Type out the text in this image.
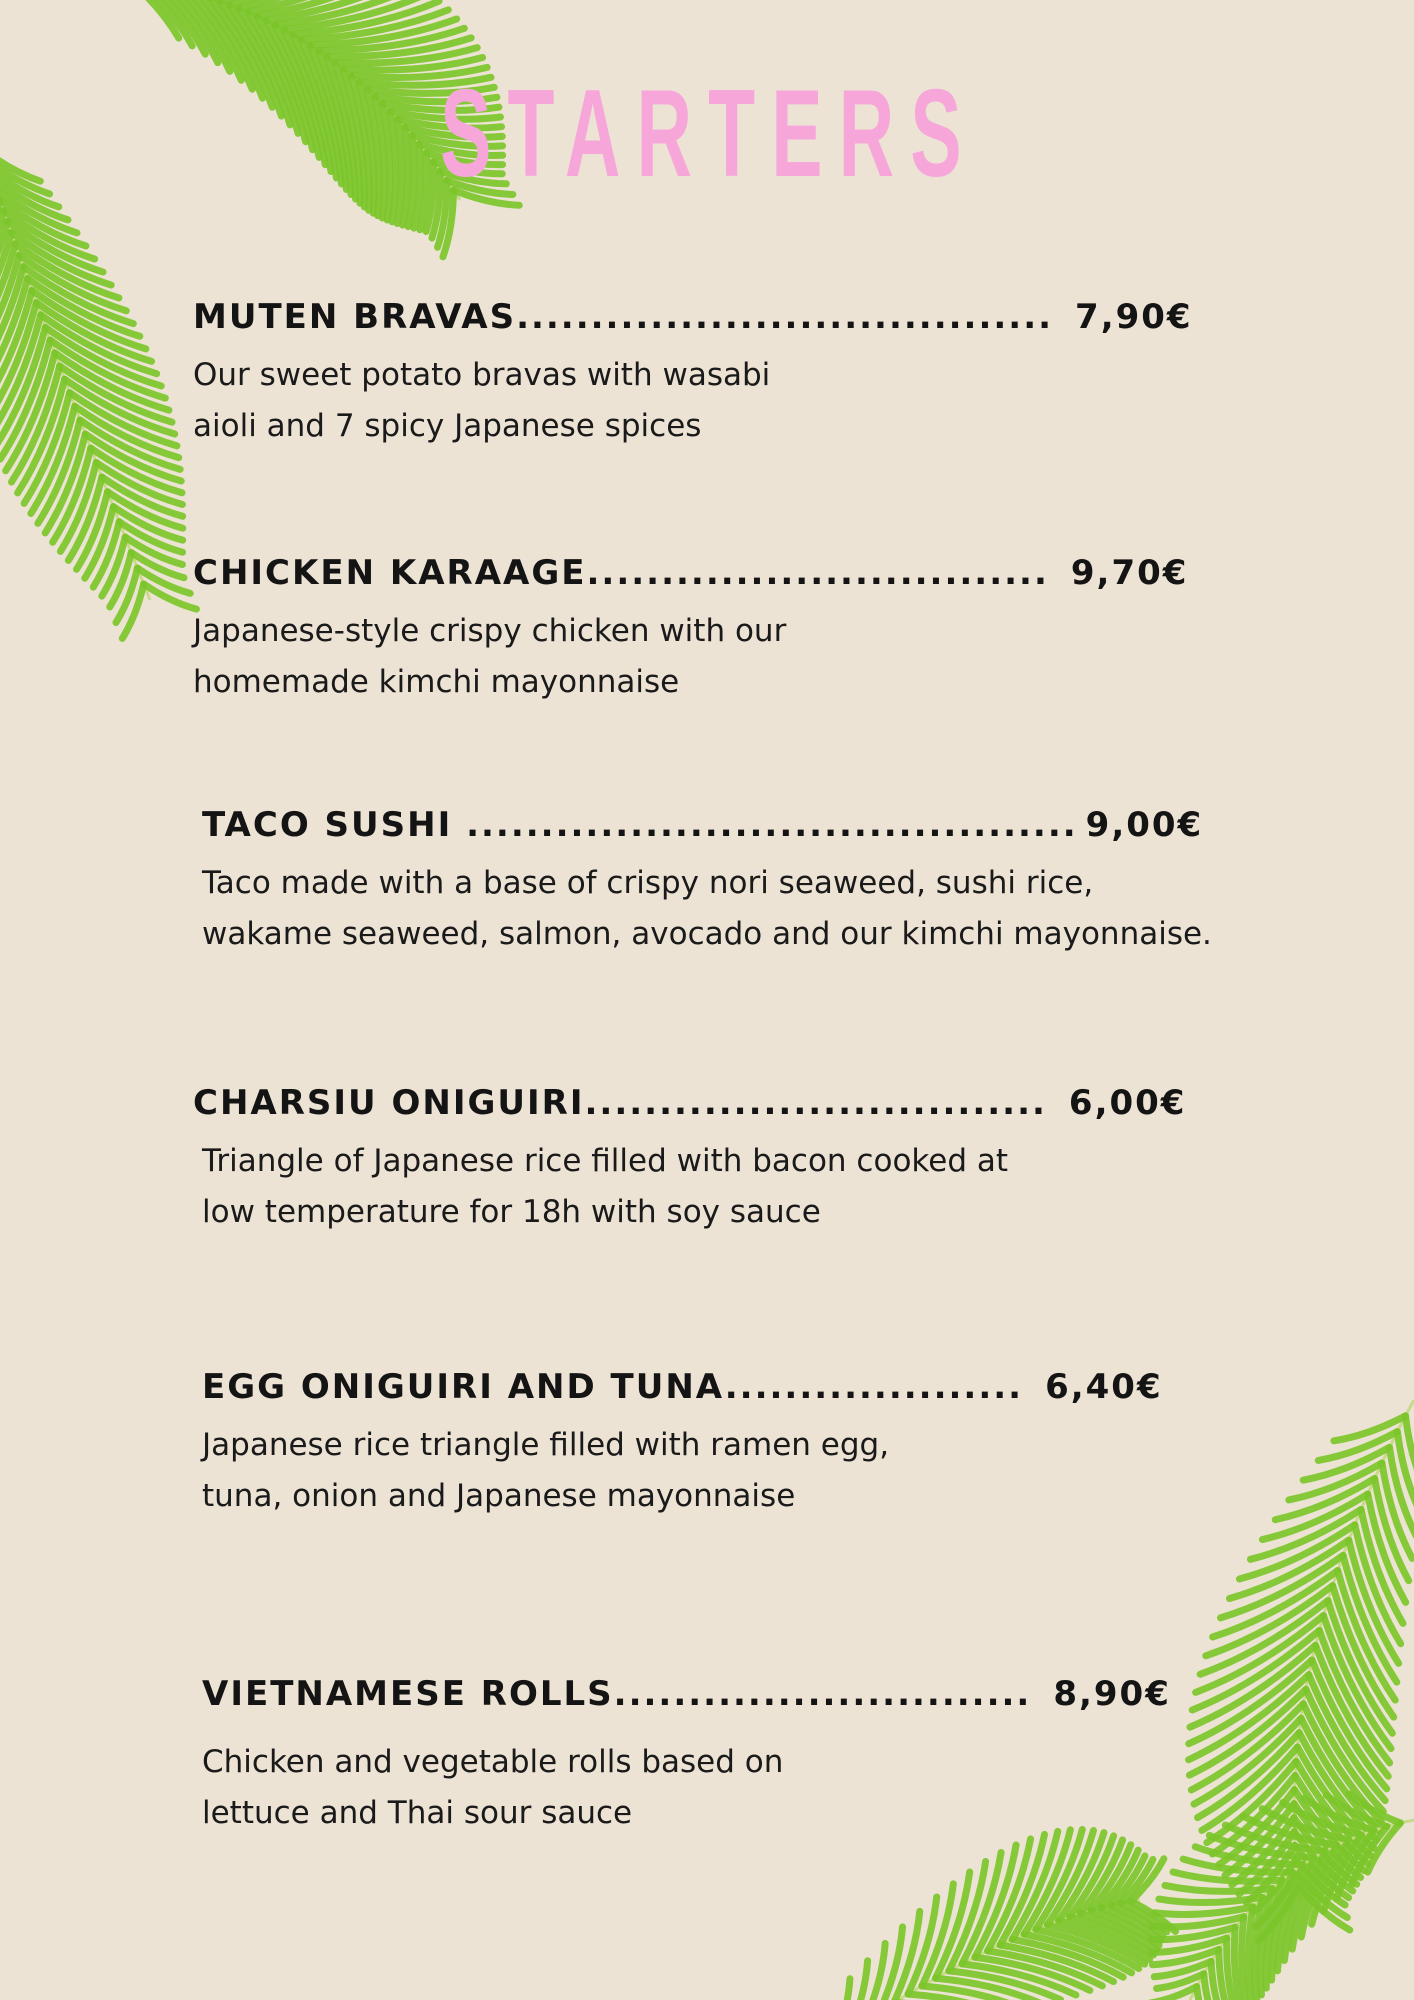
STARTERS
MUTEN BRAVAS.................................... 7,90€
Our sweet potato bravas with wasabi
aioli and 7 spicy Japanese spices
CHICKEN KARAAGE............................... 9,70€
Japanese-style crispy chicken with our
homemade kimchi mayonnaise
TACO SUSHI ......................................... 9,00€
Taco made with a base of crispy nori seaweed, sushi rice,
wakame seaweed, salmon, avocado and our kimchi mayonnaise.
CHARSIU ONIGUIRI............................... 6,00€
Triangle of Japanese rice filled with bacon cooked at
low temperature for 18h with soy sauce
EGG ONIGUIRI AND TUNA.................... 6,40€
Japanese rice triangle filled with ramen egg,
tuna, onion and Japanese mayonnaise
VIETNAMESE ROLLS............................ 8,90€
Chicken and vegetable rolls based on
lettuce and Thai sour sauce
